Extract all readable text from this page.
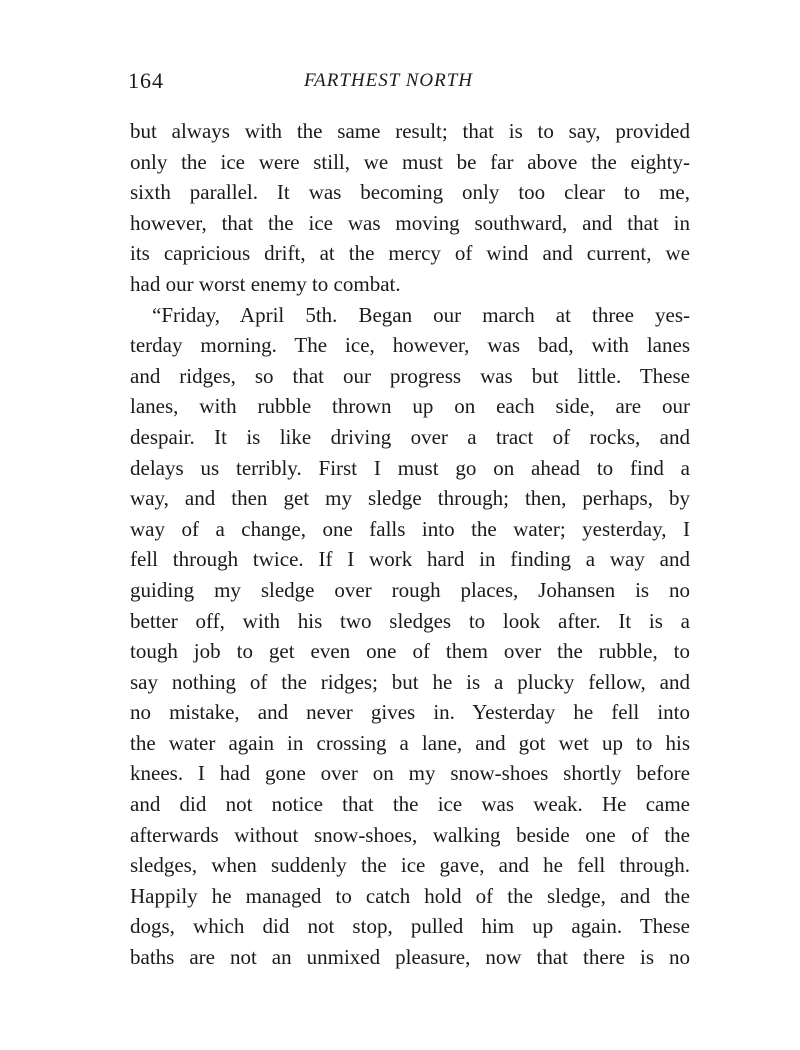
164	FARTHEST NORTH
but always with the same result; that is to say, provided
only the ice were still, we must be far above the eighty-
sixth parallel. It was becoming only too clear to me,
however, that the ice was moving southward, and that in
its capricious drift, at the mercy of wind and current, we
had our worst enemy to combat.
“Friday, April 5th. Began our march at three yes-
terday morning. The ice, however, was bad, with lanes
and ridges, so that our progress was but little. These
lanes, with rubble thrown up on each side, are our
despair. It is like driving over a tract of rocks, and
delays us terribly. First I must go on ahead to find a
way, and then get my sledge through; then, perhaps, by
way of a change, one falls into the water; yesterday, I
fell through twice. If I work hard in finding a way and
guiding my sledge over rough places, Johansen is no
better off, with his two sledges to look after. It is a
tough job to get even one of them over the rubble, to
say nothing of the ridges; but he is a plucky fellow, and
no mistake, and never gives in. Yesterday he fell into
the water again in crossing a lane, and got wet up to his
knees. I had gone over on my snow-shoes shortly before
and did not notice that the ice was weak. He came
afterwards without snow-shoes, walking beside one of the
sledges, when suddenly the ice gave, and he fell through.
Happily he managed to catch hold of the sledge, and the
dogs, which did not stop, pulled him up again. These
baths are not an unmixed pleasure, now that there is no
